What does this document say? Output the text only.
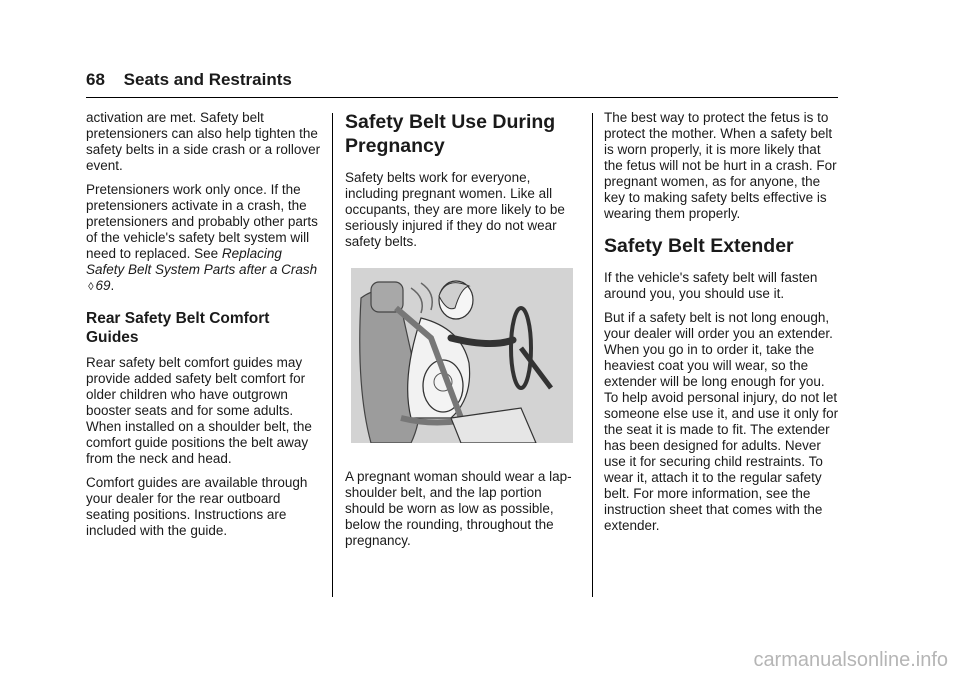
68 Seats and Restraints

activation are met. Safety belt pretensioners can also help tighten the safety belts in a side crash or a rollover event.

Pretensioners work only once. If the pretensioners activate in a crash, the pretensioners and probably other parts of the vehicle's safety belt system will need to replaced. See Replacing Safety Belt System Parts after a Crash ◊ 69.

Rear Safety Belt Comfort Guides

Rear safety belt comfort guides may provide added safety belt comfort for older children who have outgrown booster seats and for some adults. When installed on a shoulder belt, the comfort guide positions the belt away from the neck and head.

Comfort guides are available through your dealer for the rear outboard seating positions. Instructions are included with the guide.

Safety Belt Use During Pregnancy

Safety belts work for everyone, including pregnant women. Like all occupants, they are more likely to be seriously injured if they do not wear safety belts.

A pregnant woman should wear a lap-shoulder belt, and the lap portion should be worn as low as possible, below the rounding, throughout the pregnancy.

The best way to protect the fetus is to protect the mother. When a safety belt is worn properly, it is more likely that the fetus will not be hurt in a crash. For pregnant women, as for anyone, the key to making safety belts effective is wearing them properly.

Safety Belt Extender

If the vehicle's safety belt will fasten around you, you should use it.

But if a safety belt is not long enough, your dealer will order you an extender. When you go in to order it, take the heaviest coat you will wear, so the extender will be long enough for you. To help avoid personal injury, do not let someone else use it, and use it only for the seat it is made to fit. The extender has been designed for adults. Never use it for securing child restraints. To wear it, attach it to the regular safety belt. For more information, see the instruction sheet that comes with the extender.

carmanualsonline.info
